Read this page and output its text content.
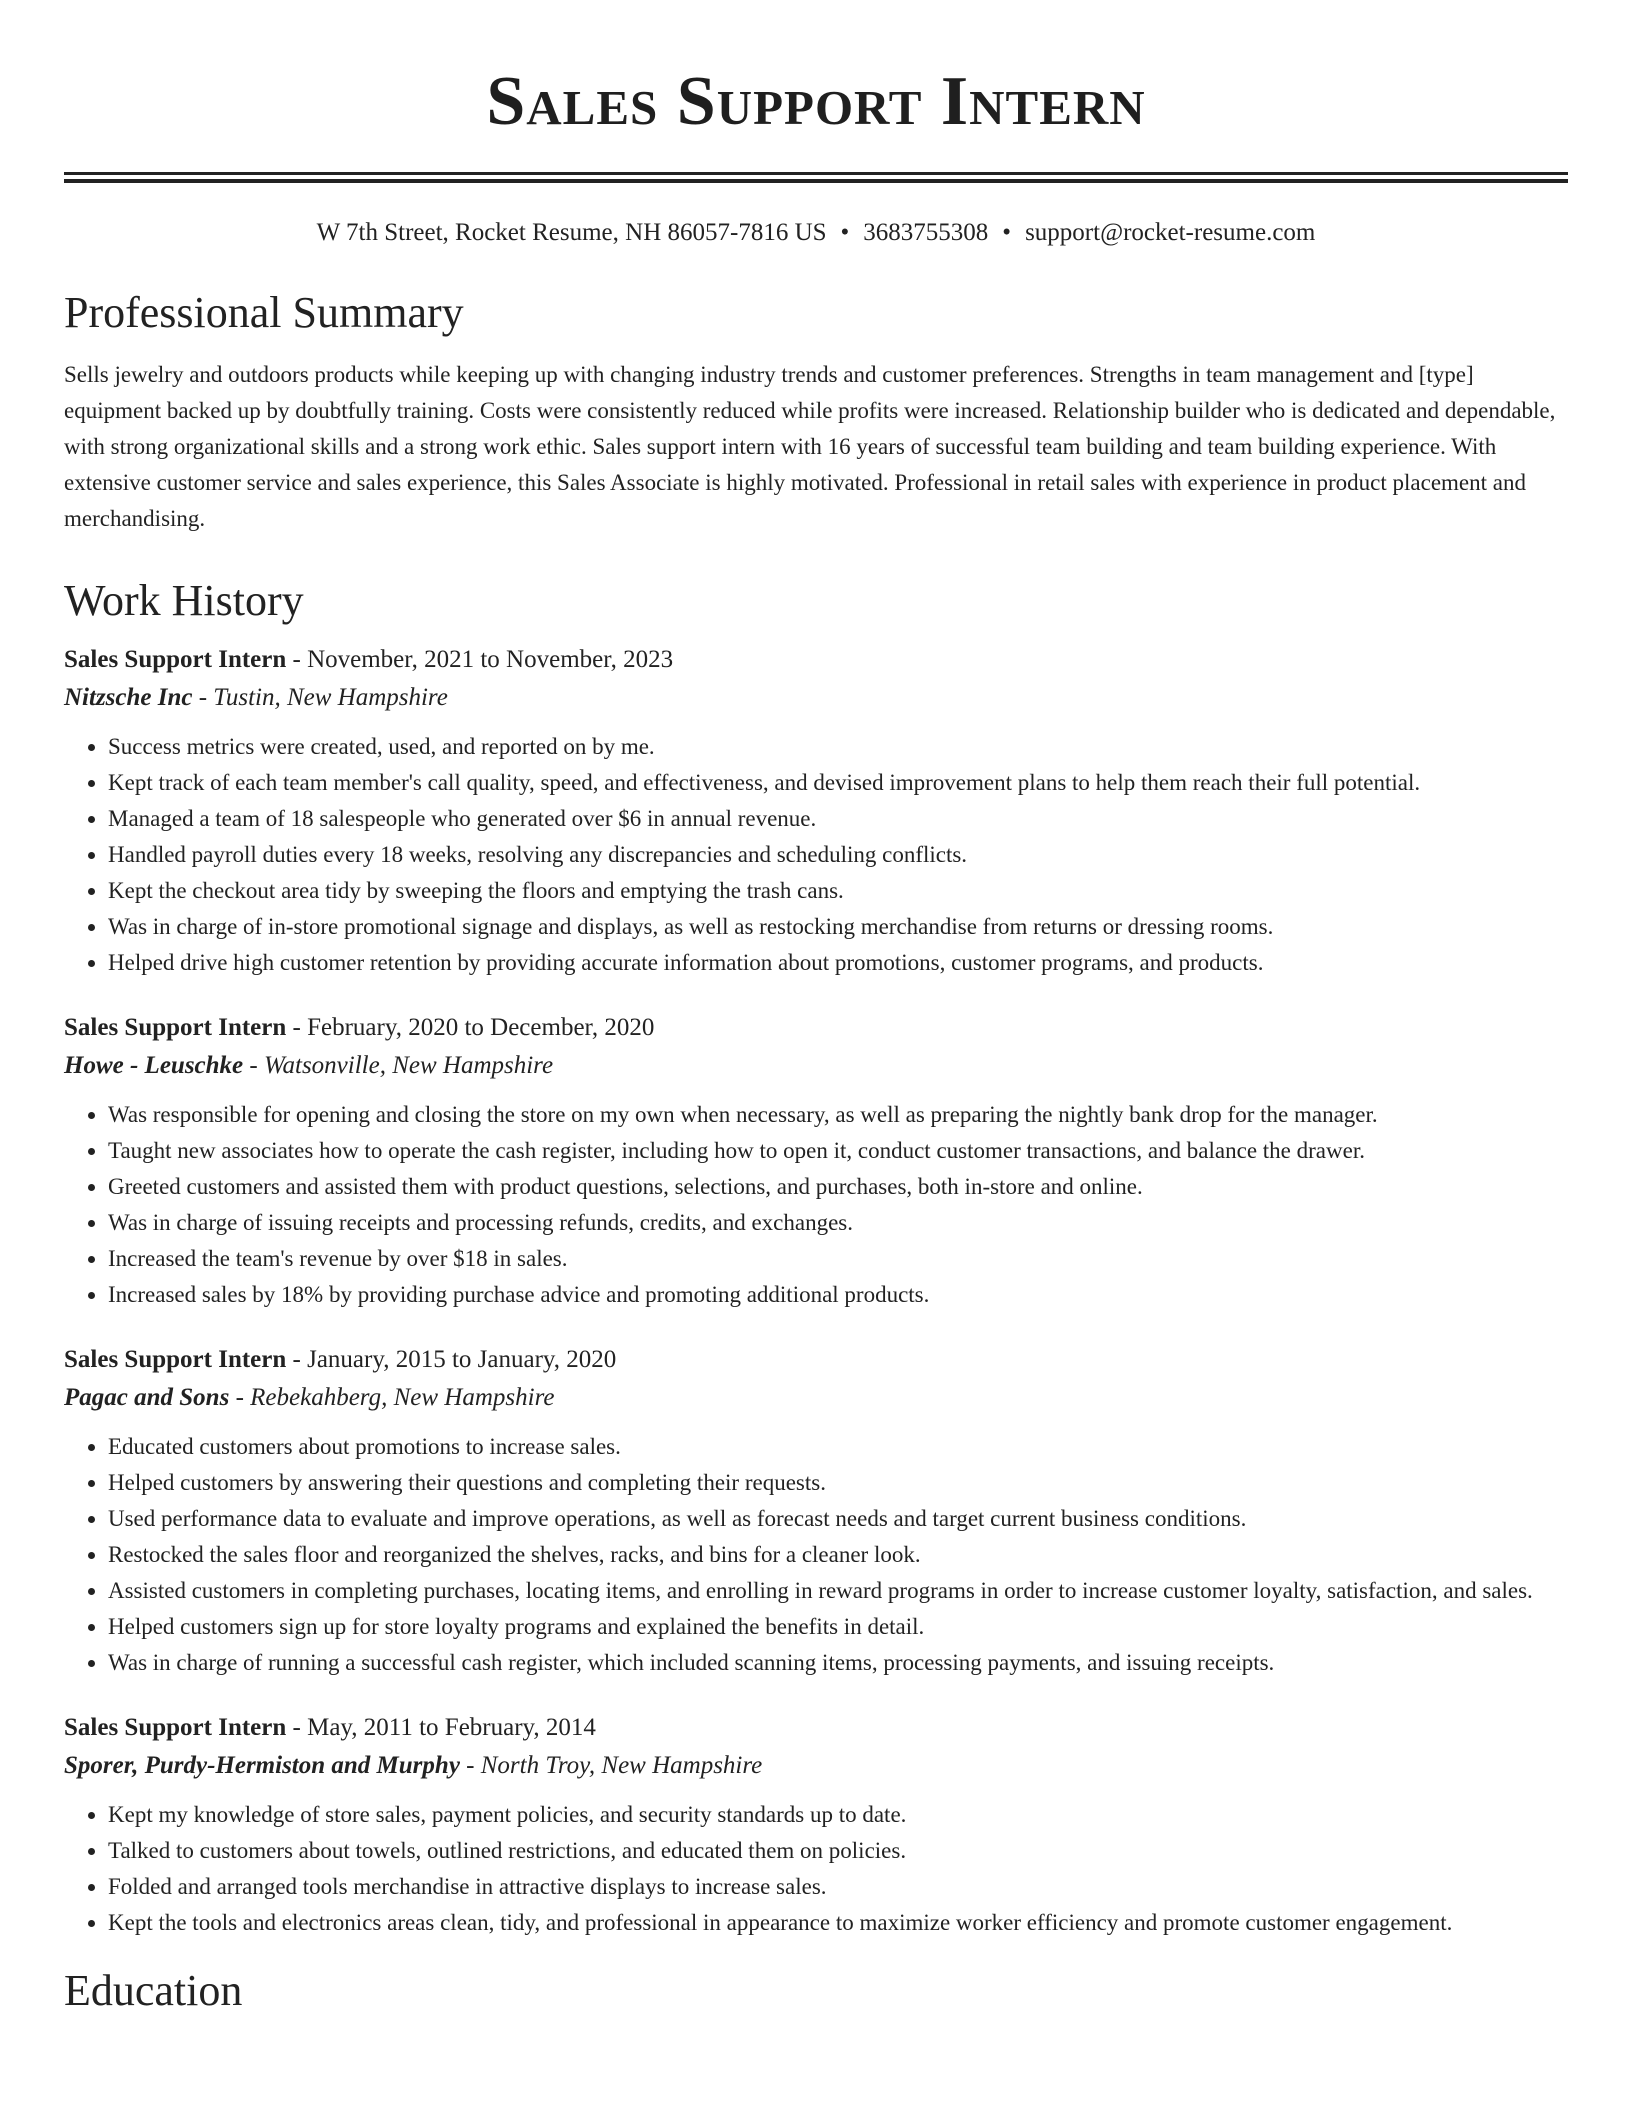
Sales Support Intern
W 7th Street, Rocket Resume, NH 86057-7816 US • 3683755308 • support@rocket-resume.com
Professional Summary

Sells jewelry and outdoors products while keeping up with changing industry trends and customer preferences. Strengths in team management and [type] equipment backed up by doubtfully training. Costs were consistently reduced while profits were increased. Relationship builder who is dedicated and dependable, with strong organizational skills and a strong work ethic. Sales support intern with 16 years of successful team building and team building experience. With extensive customer service and sales experience, this Sales Associate is highly motivated. Professional in retail sales with experience in product placement and merchandising.

Work History

Sales Support Intern - November, 2021 to November, 2023

Nitzsche Inc - Tustin, New Hampshire

• Success metrics were created, used, and reported on by me.
• Kept track of each team member's call quality, speed, and effectiveness, and devised improvement plans to help them reach their full potential.
• Managed a team of 18 salespeople who generated over $6 in annual revenue.
• Handled payroll duties every 18 weeks, resolving any discrepancies and scheduling conflicts.
• Kept the checkout area tidy by sweeping the floors and emptying the trash cans.
• Was in charge of in-store promotional signage and displays, as well as restocking merchandise from returns or dressing rooms.
• Helped drive high customer retention by providing accurate information about promotions, customer programs, and products.

Sales Support Intern - February, 2020 to December, 2020

Howe - Leuschke - Watsonville, New Hampshire

• Was responsible for opening and closing the store on my own when necessary, as well as preparing the nightly bank drop for the manager.
• Taught new associates how to operate the cash register, including how to open it, conduct customer transactions, and balance the drawer.
• Greeted customers and assisted them with product questions, selections, and purchases, both in-store and online.
• Was in charge of issuing receipts and processing refunds, credits, and exchanges.
• Increased the team's revenue by over $18 in sales.
• Increased sales by 18% by providing purchase advice and promoting additional products.

Sales Support Intern - January, 2015 to January, 2020

Pagac and Sons - Rebekahberg, New Hampshire

• Educated customers about promotions to increase sales.
• Helped customers by answering their questions and completing their requests.
• Used performance data to evaluate and improve operations, as well as forecast needs and target current business conditions.
• Restocked the sales floor and reorganized the shelves, racks, and bins for a cleaner look.
• Assisted customers in completing purchases, locating items, and enrolling in reward programs in order to increase customer loyalty, satisfaction, and sales.
• Helped customers sign up for store loyalty programs and explained the benefits in detail.
• Was in charge of running a successful cash register, which included scanning items, processing payments, and issuing receipts.

Sales Support Intern - May, 2011 to February, 2014

Sporer, Purdy-Hermiston and Murphy - North Troy, New Hampshire

• Kept my knowledge of store sales, payment policies, and security standards up to date.
• Talked to customers about towels, outlined restrictions, and educated them on policies.
• Folded and arranged tools merchandise in attractive displays to increase sales.
• Kept the tools and electronics areas clean, tidy, and professional in appearance to maximize worker efficiency and promote customer engagement.
Education
